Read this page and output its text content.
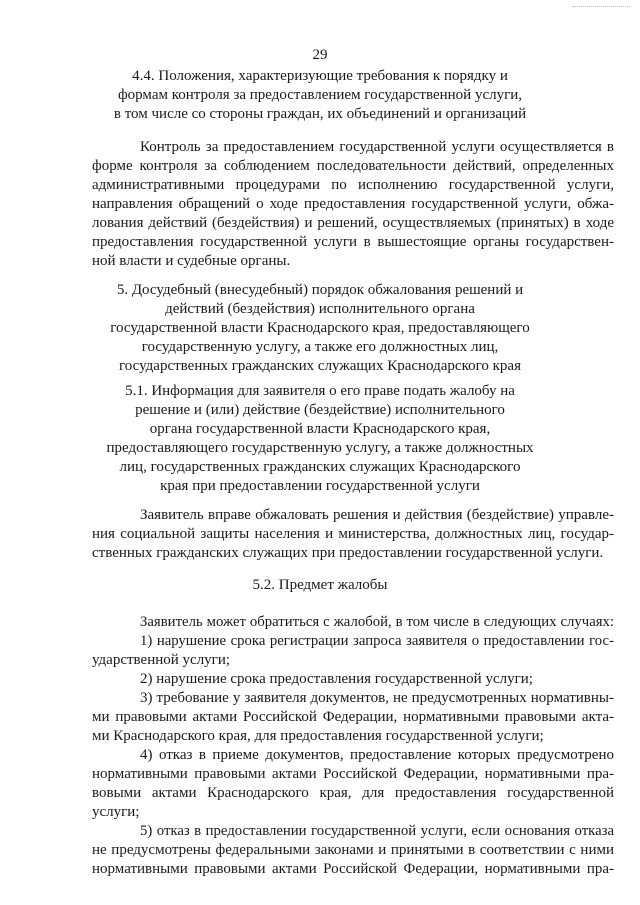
29
4.4. Положения, характеризующие требования к порядку и
формам контроля за предоставлением государственной услуги,
в том числе со стороны граждан, их объединений и организаций
Контроль за предоставлением государственной услуги осуществляется в
форме контроля за соблюдением последовательности действий, определенных
административными процедурами по исполнению государственной услуги,
направления обращений о ходе предоставления государственной услуги, обжа-
лования действий (бездействия) и решений, осуществляемых (принятых) в ходе
предоставления государственной услуги в вышестоящие органы государствен-
ной власти и судебные органы.
5. Досудебный (внесудебный) порядок обжалования решений и
действий (бездействия) исполнительного органа
государственной власти Краснодарского края, предоставляющего
государственную услугу, а также его должностных лиц,
государственных гражданских служащих Краснодарского края
5.1. Информация для заявителя о его праве подать жалобу на
решение и (или) действие (бездействие) исполнительного
органа государственной власти Краснодарского края,
предоставляющего государственную услугу, а также должностных
лиц, государственных гражданских служащих Краснодарского
края при предоставлении государственной услуги
Заявитель вправе обжаловать решения и действия (бездействие) управле-
ния социальной защиты населения и министерства, должностных лиц, государ-
ственных гражданских служащих при предоставлении государственной услуги.
5.2. Предмет жалобы
Заявитель может обратиться с жалобой, в том числе в следующих случаях:
1) нарушение срока регистрации запроса заявителя о предоставлении гос-
ударственной услуги;
2) нарушение срока предоставления государственной услуги;
3) требование у заявителя документов, не предусмотренных нормативны-
ми правовыми актами Российской Федерации, нормативными правовыми акта-
ми Краснодарского края, для предоставления государственной услуги;
4) отказ в приеме документов, предоставление которых предусмотрено
нормативными правовыми актами Российской Федерации, нормативными пра-
вовыми актами Краснодарского края, для предоставления государственной
услуги;
5) отказ в предоставлении государственной услуги, если основания отказа
не предусмотрены федеральными законами и принятыми в соответствии с ними
нормативными правовыми актами Российской Федерации, нормативными пра-
